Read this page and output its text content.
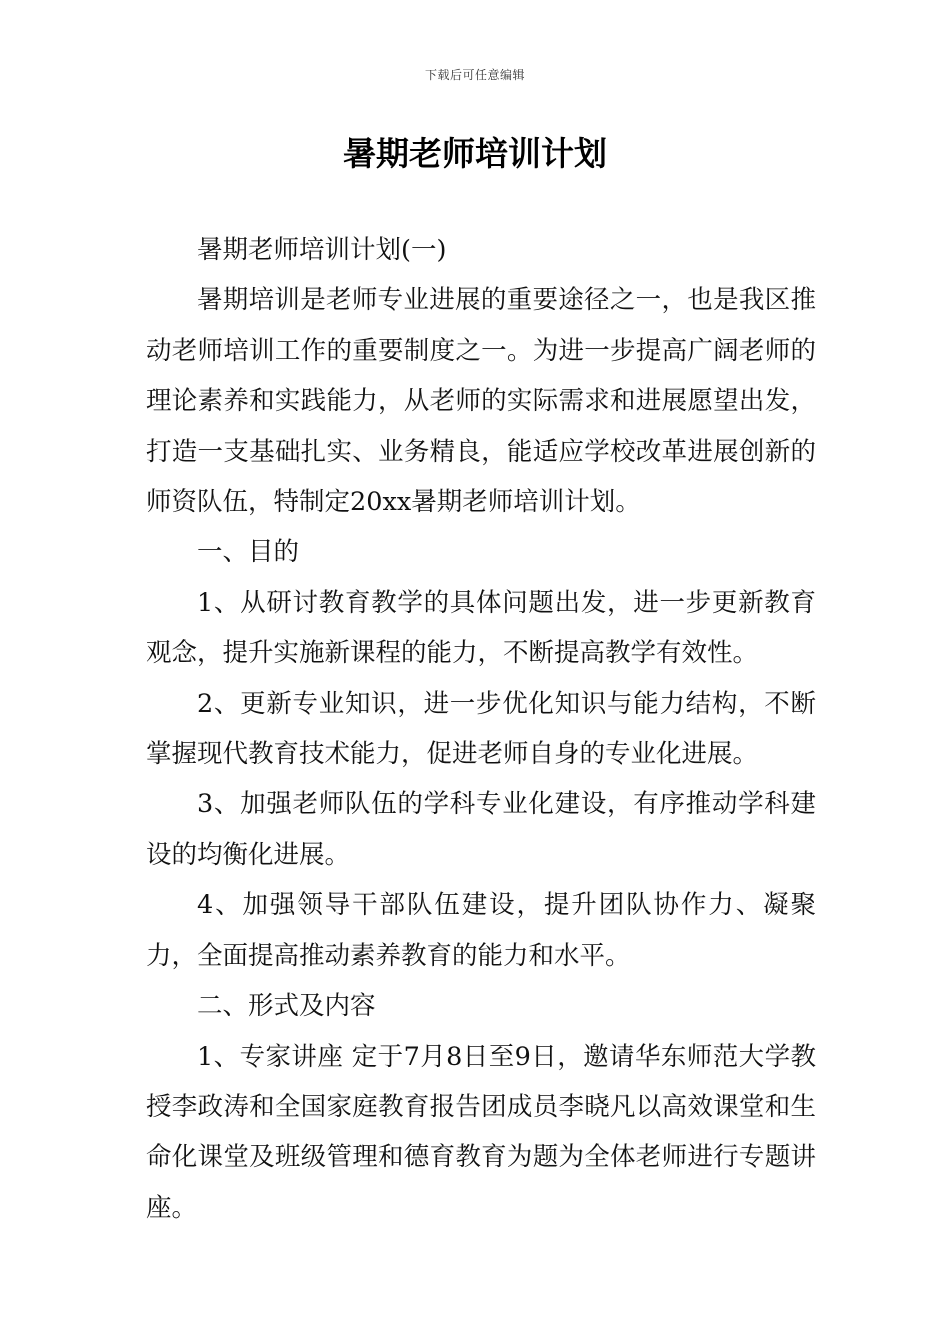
下载后可任意编辑
暑期老师培训计划

暑期老师培训计划(一)

暑期培训是老师专业进展的重要途径之一，也是我区推动老师培训工作的重要制度之一。为进一步提高广阔老师的理论素养和实践能力，从老师的实际需求和进展愿望出发，打造一支基础扎实、业务精良，能适应学校改革进展创新的师资队伍，特制定20xx暑期老师培训计划。

一、目的

1、从研讨教育教学的具体问题出发，进一步更新教育观念，提升实施新课程的能力，不断提高教学有效性。

2、更新专业知识，进一步优化知识与能力结构，不断掌握现代教育技术能力，促进老师自身的专业化进展。

3、加强老师队伍的学科专业化建设，有序推动学科建设的均衡化进展。

4、加强领导干部队伍建设，提升团队协作力、凝聚力，全面提高推动素养教育的能力和水平。

二、形式及内容

1、专家讲座 定于7月8日至9日，邀请华东师范大学教授李政涛和全国家庭教育报告团成员李晓凡以高效课堂和生命化课堂及班级管理和德育教育为题为全体老师进行专题讲座。
